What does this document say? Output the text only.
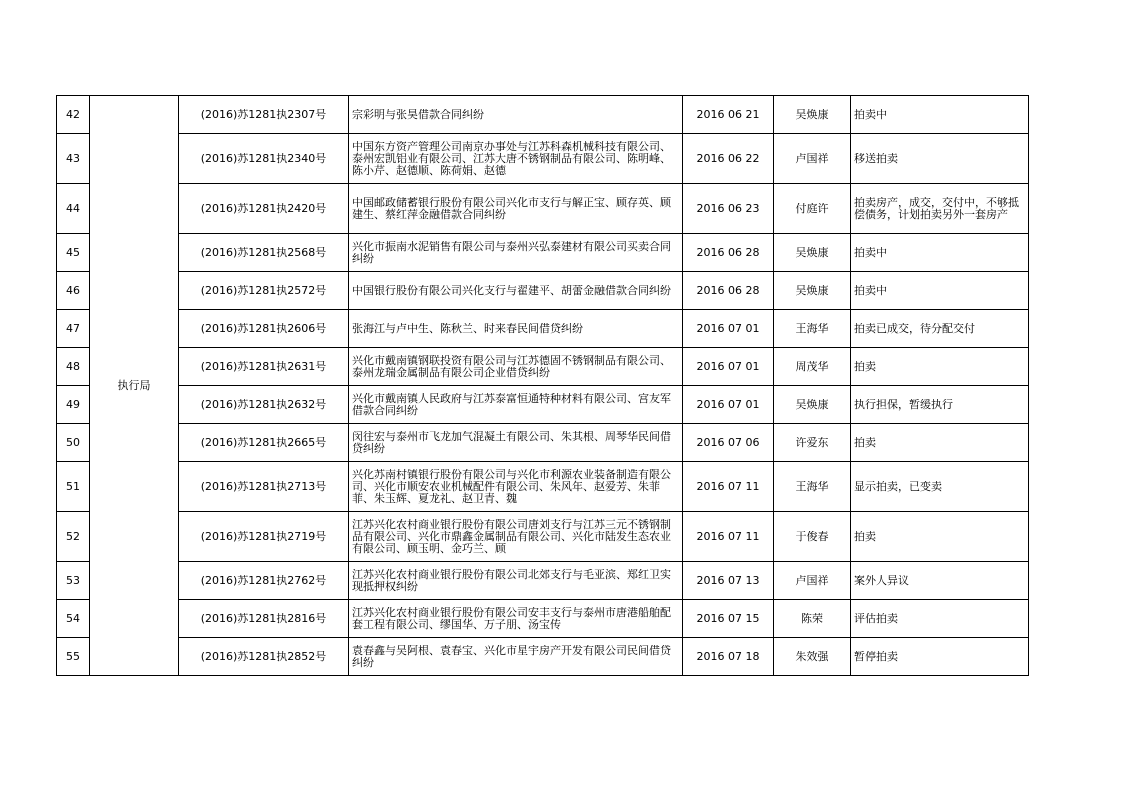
42	执行局	(2016)苏1281执2307号	宗彩明与张昊借款合同纠纷	2016 06 21	吴焕康	拍卖中

43		(2016)苏1281执2340号	中国东方资产管理公司南京办事处与江苏科森机械科技有限公司、泰州宏凯铝业有限公司、江苏大唐不锈钢制品有限公司、陈明峰、陈小芹、赵德顺、陈荷娟、赵德	2016 06 22	卢国祥	移送拍卖

44		(2016)苏1281执2420号	中国邮政储蓄银行股份有限公司兴化市支行与解正宝、顾存英、顾建生、蔡红萍金融借款合同纠纷	2016 06 23	付庭许	拍卖房产，成交，交付中，不够抵偿债务，计划拍卖另外一套房产

45		(2016)苏1281执2568号	兴化市振南水泥销售有限公司与泰州兴弘泰建材有限公司买卖合同纠纷	2016 06 28	吴焕康	拍卖中

46		(2016)苏1281执2572号	中国银行股份有限公司兴化支行与翟建平、胡蕾金融借款合同纠纷	2016 06 28	吴焕康	拍卖中

47		(2016)苏1281执2606号	张海江与卢中生、陈秋兰、时来春民间借贷纠纷	2016 07 01	王海华	拍卖已成交，待分配交付

48		(2016)苏1281执2631号	兴化市戴南镇钢联投资有限公司与江苏德固不锈钢制品有限公司、泰州龙瑞金属制品有限公司企业借贷纠纷	2016 07 01	周茂华	拍卖

49		(2016)苏1281执2632号	兴化市戴南镇人民政府与江苏泰富恒通特种材料有限公司、宫友军借款合同纠纷	2016 07 01	吴焕康	执行担保，暂缓执行

50		(2016)苏1281执2665号	闵往宏与泰州市飞龙加气混凝土有限公司、朱其根、周琴华民间借贷纠纷	2016 07 06	许爱东	拍卖

51		(2016)苏1281执2713号	兴化苏南村镇银行股份有限公司与兴化市利源农业装备制造有限公司、兴化市顺安农业机械配件有限公司、朱风年、赵爱芳、朱菲菲、朱玉辉、夏龙礼、赵卫青、魏	2016 07 11	王海华	显示拍卖，已变卖

52		(2016)苏1281执2719号	江苏兴化农村商业银行股份有限公司唐刘支行与江苏三元不锈钢制品有限公司、兴化市鼎鑫金属制品有限公司、兴化市陆发生态农业有限公司、顾玉明、金巧兰、顾	2016 07 11	于俊春	拍卖

53		(2016)苏1281执2762号	江苏兴化农村商业银行股份有限公司北郊支行与毛亚滨、郑红卫实现抵押权纠纷	2016 07 13	卢国祥	案外人异议

54		(2016)苏1281执2816号	江苏兴化农村商业银行股份有限公司安丰支行与泰州市唐港船舶配套工程有限公司、缪国华、万子朋、汤宝传	2016 07 15	陈荣	评估拍卖

55		(2016)苏1281执2852号	袁春鑫与吴阿根、袁春宝、兴化市星宇房产开发有限公司民间借贷纠纷	2016 07 18	朱效强	暂停拍卖
